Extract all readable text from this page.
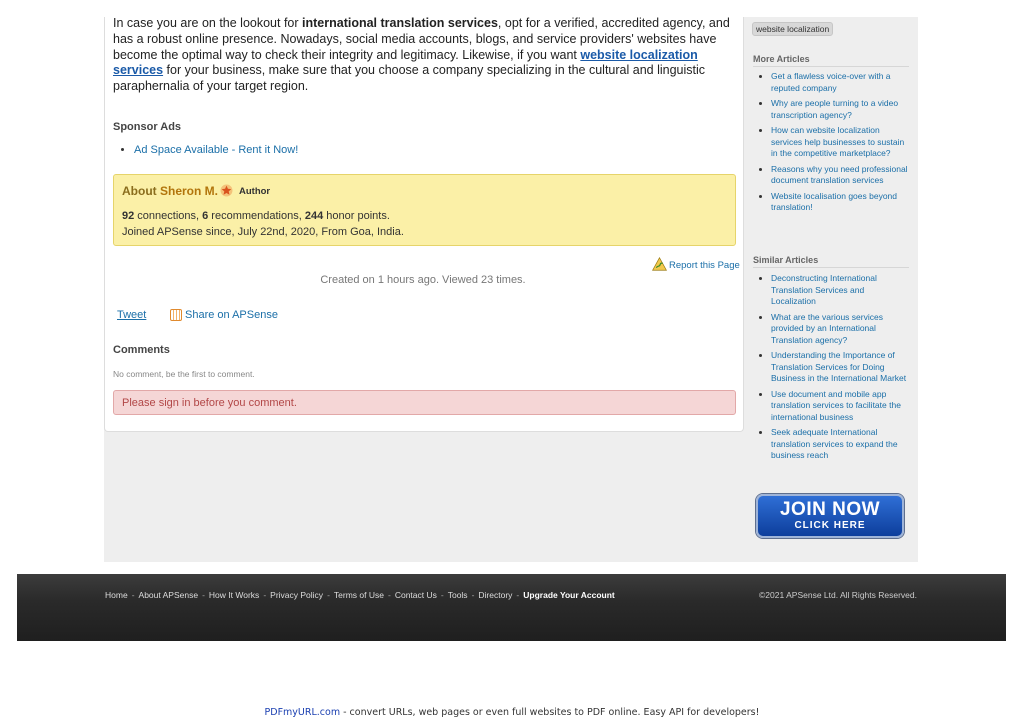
In case you are on the lookout for international translation services, opt for a verified, accredited agency, and has a robust online presence. Nowadays, social media accounts, blogs, and service providers' websites have become the optimal way to check their integrity and legitimacy. Likewise, if you want website localization services for your business, make sure that you choose a company specializing in the cultural and linguistic paraphernalia of your target region.

Sponsor Ads
• Ad Space Available - Rent it Now!
About Sheron M.	Author
92 connections, 6 recommendations, 244 honor points.
Joined APSense since, July 22nd, 2020, From Goa, India.
Report this Page
Created on 1 hours ago. Viewed 23 times.
Tweet	Share on APSense
Comments
No comment, be the first to comment.
Please sign in before you comment.
website localization
More Articles
• Get a flawless voice-over with a reputed company
• Why are people turning to a video transcription agency?
• How can website localization services help businesses to sustain in the competitive marketplace?
• Reasons why you need professional document translation services
• Website localisation goes beyond translation!
Similar Articles
• Deconstructing International Translation Services and Localization
• What are the various services provided by an International Translation agency?
• Understanding the Importance of Translation Services for Doing Business in the International Market
• Use document and mobile app translation services to facilitate the international business
• Seek adequate International translation services to expand the business reach
JOIN NOW
CLICK HERE
Home - About APSense - How It Works - Privacy Policy - Terms of Use - Contact Us - Tools - Directory - Upgrade Your Account	©2021 APSense Ltd. All Rights Reserved.
PDFmyURL.com - convert URLs, web pages or even full websites to PDF online. Easy API for developers!
